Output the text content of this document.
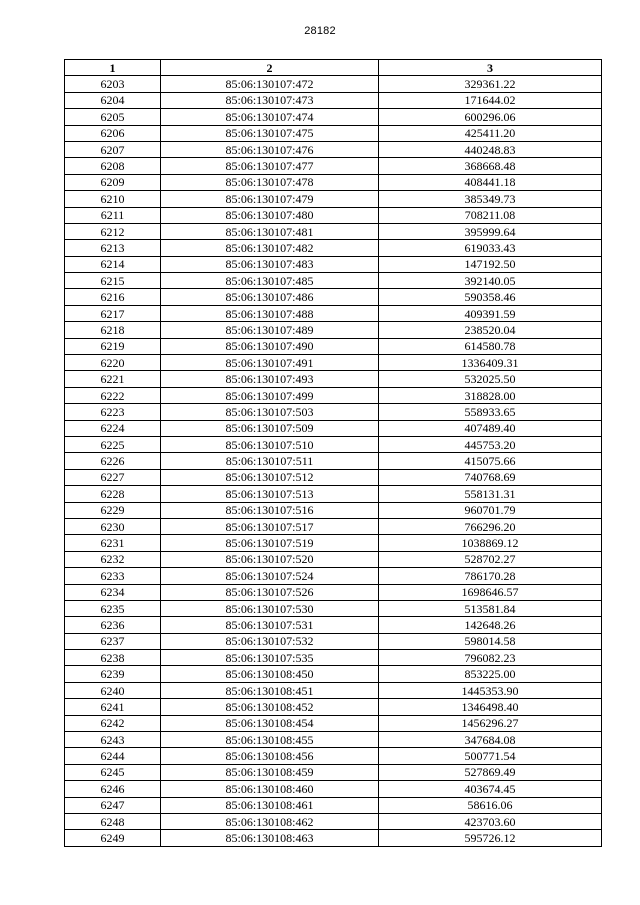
28182
1	2	3
6203	85:06:130107:472	329361.22
6204	85:06:130107:473	171644.02
6205	85:06:130107:474	600296.06
6206	85:06:130107:475	425411.20
6207	85:06:130107:476	440248.83
6208	85:06:130107:477	368668.48
6209	85:06:130107:478	408441.18
6210	85:06:130107:479	385349.73
6211	85:06:130107:480	708211.08
6212	85:06:130107:481	395999.64
6213	85:06:130107:482	619033.43
6214	85:06:130107:483	147192.50
6215	85:06:130107:485	392140.05
6216	85:06:130107:486	590358.46
6217	85:06:130107:488	409391.59
6218	85:06:130107:489	238520.04
6219	85:06:130107:490	614580.78
6220	85:06:130107:491	1336409.31
6221	85:06:130107:493	532025.50
6222	85:06:130107:499	318828.00
6223	85:06:130107:503	558933.65
6224	85:06:130107:509	407489.40
6225	85:06:130107:510	445753.20
6226	85:06:130107:511	415075.66
6227	85:06:130107:512	740768.69
6228	85:06:130107:513	558131.31
6229	85:06:130107:516	960701.79
6230	85:06:130107:517	766296.20
6231	85:06:130107:519	1038869.12
6232	85:06:130107:520	528702.27
6233	85:06:130107:524	786170.28
6234	85:06:130107:526	1698646.57
6235	85:06:130107:530	513581.84
6236	85:06:130107:531	142648.26
6237	85:06:130107:532	598014.58
6238	85:06:130107:535	796082.23
6239	85:06:130108:450	853225.00
6240	85:06:130108:451	1445353.90
6241	85:06:130108:452	1346498.40
6242	85:06:130108:454	1456296.27
6243	85:06:130108:455	347684.08
6244	85:06:130108:456	500771.54
6245	85:06:130108:459	527869.49
6246	85:06:130108:460	403674.45
6247	85:06:130108:461	58616.06
6248	85:06:130108:462	423703.60
6249	85:06:130108:463	595726.12
